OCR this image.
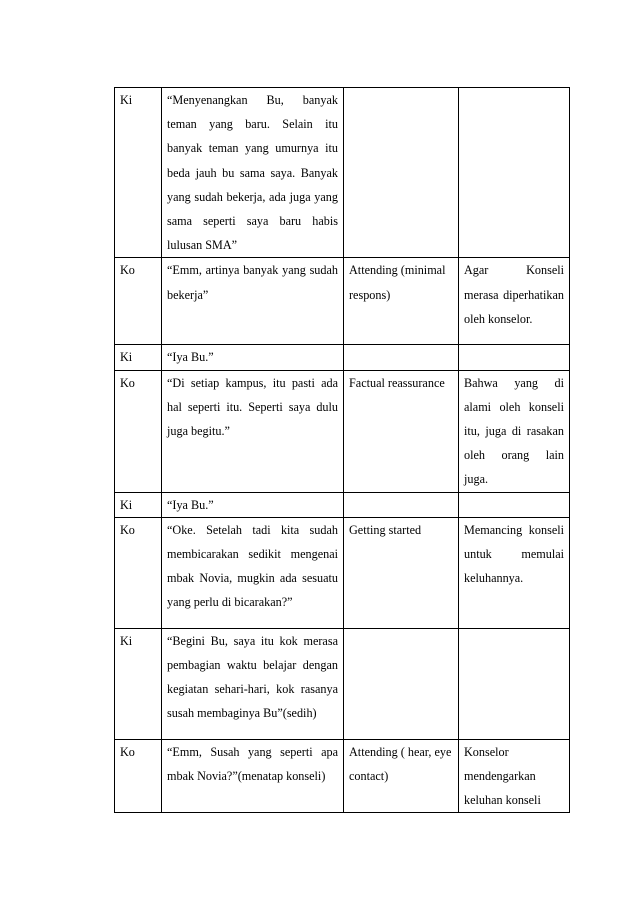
Ki	“Menyenangkan Bu, banyak teman yang baru. Selain itu banyak teman yang umurnya itu beda jauh bu sama saya. Banyak yang sudah bekerja, ada juga yang sama seperti saya baru habis lulusan SMA”		

Ko	“Emm, artinya banyak yang sudah bekerja”	Attending (minimal respons)	Agar Konseli merasa diperhatikan oleh konselor.

Ki	“Iya Bu.”		

Ko	“Di setiap kampus, itu pasti ada hal seperti itu. Seperti saya dulu juga begitu.”	Factual reassurance	Bahwa yang di alami oleh konseli itu, juga di rasakan oleh orang lain juga.

Ki	“Iya Bu.”		

Ko	“Oke. Setelah tadi kita sudah membicarakan sedikit mengenai mbak Novia, mugkin ada sesuatu yang perlu di bicarakan?”	Getting started	Memancing konseli untuk memulai keluhannya.

Ki	“Begini Bu, saya itu kok merasa pembagian waktu belajar dengan kegiatan sehari-hari, kok rasanya susah membaginya Bu”(sedih)		

Ko	“Emm, Susah yang seperti apa mbak Novia?”(menatap konseli)	Attending ( hear, eye contact)	Konselor mendengarkan keluhan konseli
